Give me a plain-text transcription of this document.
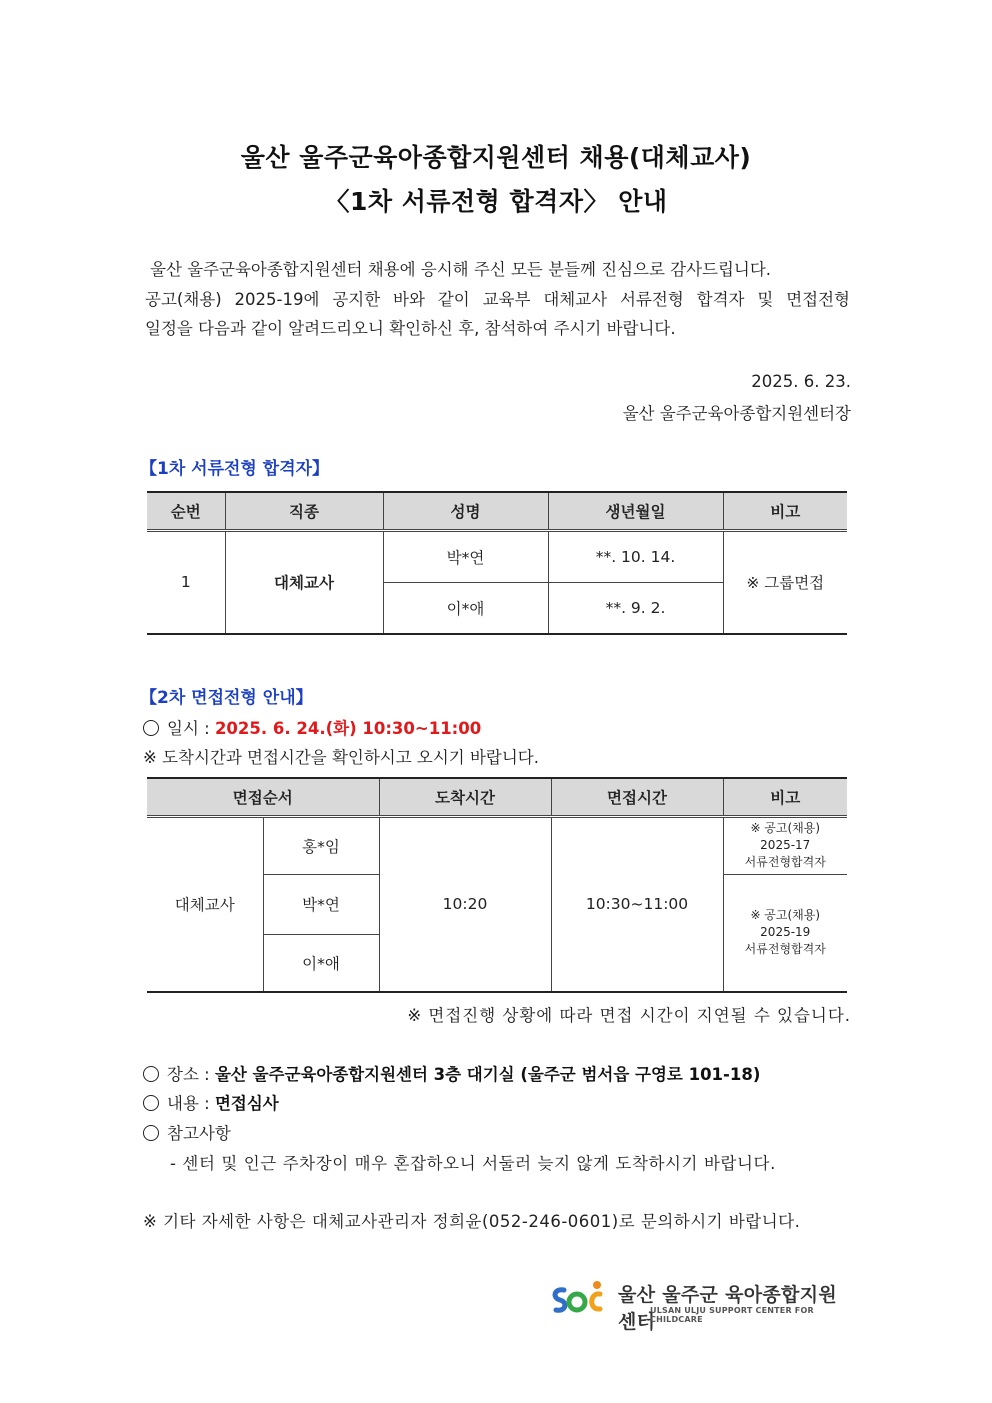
울산 울주군육아종합지원센터 채용(대체교사)
〈1차 서류전형 합격자〉 안내
울산 울주군육아종합지원센터 채용에 응시해 주신 모든 분들께 진심으로 감사드립니다.
공고(채용) 2025-19에 공지한 바와 같이 교육부 대체교사 서류전형 합격자 및 면접전형
일정을 다음과 같이 알려드리오니 확인하신 후, 참석하여 주시기 바랍니다.
2025. 6. 23.
울산 울주군육아종합지원센터장
【1차 서류전형 합격자】
순번	직종	성명	생년월일	비고
1	대체교사	박*연	**. 10. 14.	※ 그룹면접
		이*애	**. 9. 2.	
【2차 면접전형 안내】
일시 : 2025. 6. 24.(화) 10:30~11:00
※ 도착시간과 면접시간을 확인하시고 오시기 바랍니다.
면접순서		도착시간	면접시간	비고
대체교사	홍*임	10:20	10:30~11:00	※ 공고(채용)
2025-17
서류전형합격자

	박*연			※ 공고(채용)
2025-19
서류전형합격자

	이*애			
※ 면접진행 상황에 따라 면접 시간이 지연될 수 있습니다.
장소 : 울산 울주군육아종합지원센터 3층 대기실 (울주군 범서읍 구영로 101-18)
내용 : 면접심사
참고사항
- 센터 및 인근 주차장이 매우 혼잡하오니 서둘러 늦지 않게 도착하시기 바랍니다.
※ 기타 자세한 사항은 대체교사관리자 정희윤(052-246-0601)로 문의하시기 바랍니다.
울산 울주군 육아종합지원센터
ULSAN ULJU SUPPORT CENTER FOR CHILDCARE
